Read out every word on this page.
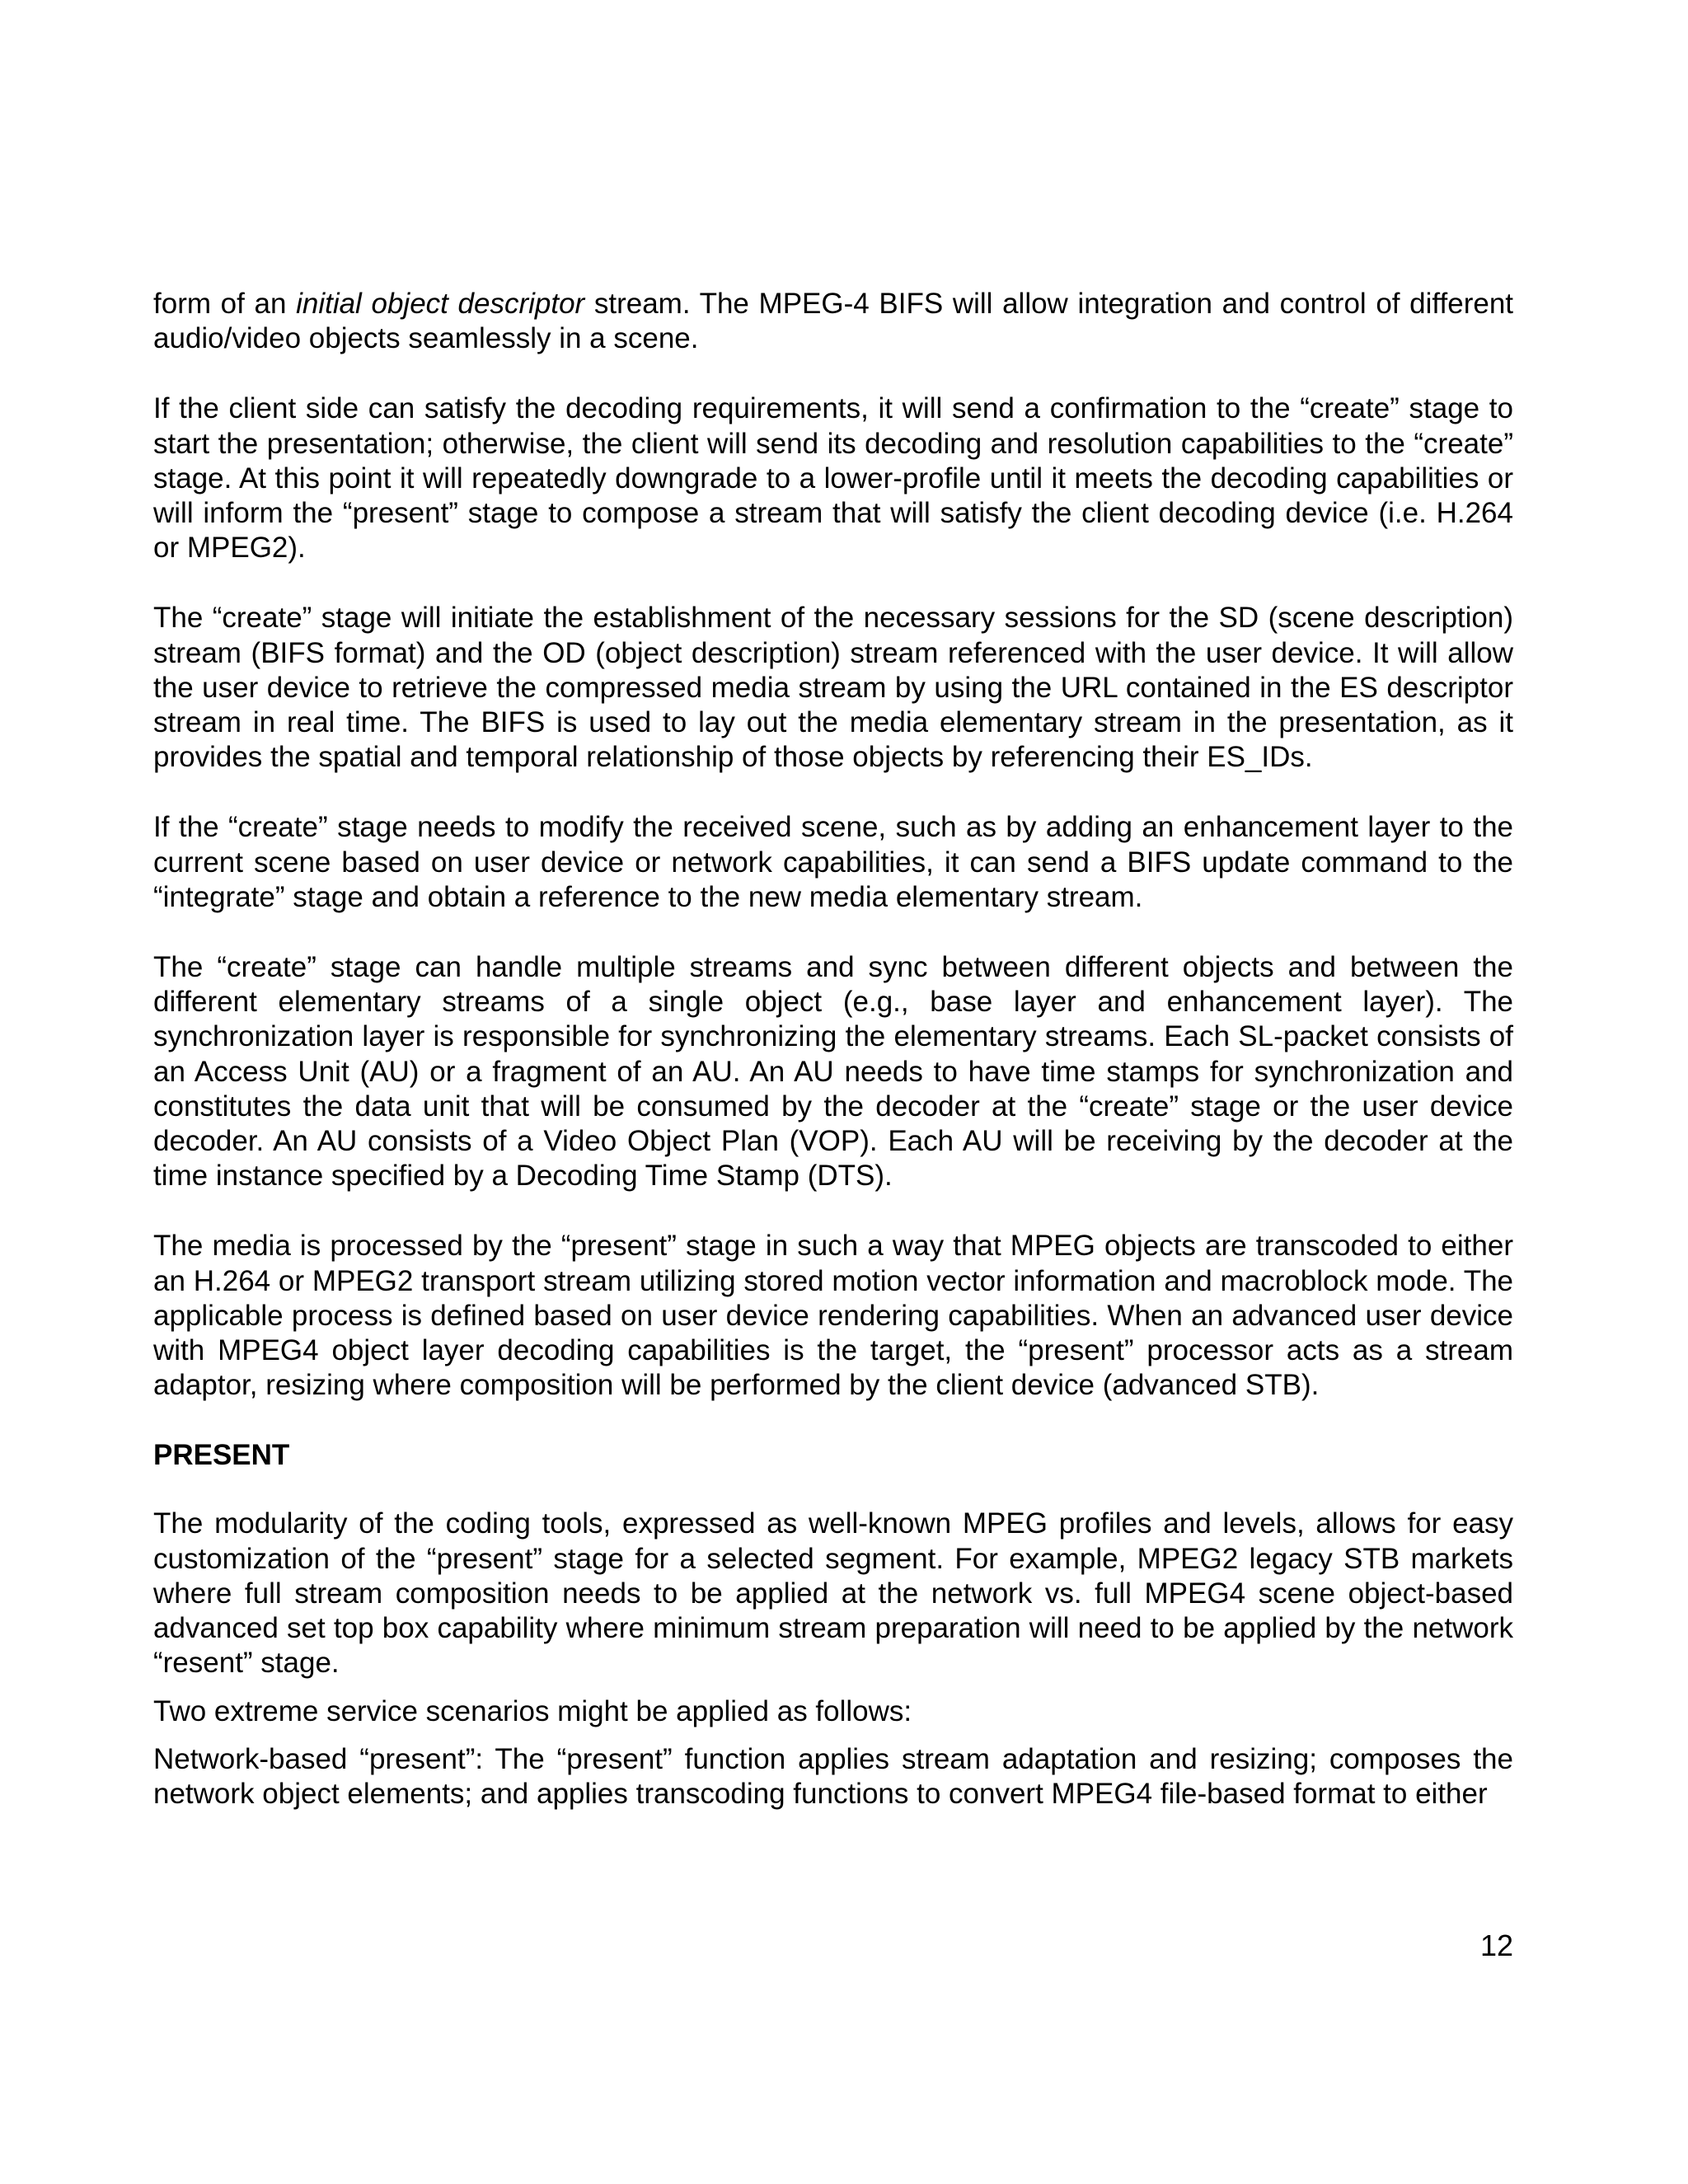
form of an initial object descriptor stream. The MPEG-4 BIFS will allow integration and control of different audio/video objects seamlessly in a scene.

If the client side can satisfy the decoding requirements, it will send a confirmation to the “create” stage to start the presentation; otherwise, the client will send its decoding and resolution capabilities to the “create” stage. At this point it will repeatedly downgrade to a lower-profile until it meets the decoding capabilities or will inform the “present” stage to compose a stream that will satisfy the client decoding device (i.e. H.264 or MPEG2).

The “create” stage will initiate the establishment of the necessary sessions for the SD (scene description) stream (BIFS format) and the OD (object description) stream referenced with the user device. It will allow the user device to retrieve the compressed media stream by using the URL contained in the ES descriptor stream in real time. The BIFS is used to lay out the media elementary stream in the presentation, as it provides the spatial and temporal relationship of those objects by referencing their ES_IDs.

If the “create” stage needs to modify the received scene, such as by adding an enhancement layer to the current scene based on user device or network capabilities, it can send a BIFS update command to the “integrate” stage and obtain a reference to the new media elementary stream.

The “create” stage can handle multiple streams and sync between different objects and between the different elementary streams of a single object (e.g., base layer and enhancement layer). The synchronization layer is responsible for synchronizing the elementary streams. Each SL-packet consists of an Access Unit (AU) or a fragment of an AU. An AU needs to have time stamps for synchronization and constitutes the data unit that will be consumed by the decoder at the “create” stage or the user device decoder. An AU consists of a Video Object Plan (VOP). Each AU will be receiving by the decoder at the time instance specified by a Decoding Time Stamp (DTS).

The media is processed by the “present” stage in such a way that MPEG objects are transcoded to either an H.264 or MPEG2 transport stream utilizing stored motion vector information and macroblock mode. The applicable process is defined based on user device rendering capabilities. When an advanced user device with MPEG4 object layer decoding capabilities is the target, the “present” processor acts as a stream adaptor, resizing where composition will be performed by the client device (advanced STB).

PRESENT

The modularity of the coding tools, expressed as well-known MPEG profiles and levels, allows for easy customization of the “present” stage for a selected segment. For example, MPEG2 legacy STB markets where full stream composition needs to be applied at the network vs. full MPEG4 scene object-based advanced set top box capability where minimum stream preparation will need to be applied by the network “resent” stage.

Two extreme service scenarios might be applied as follows:

Network-based “present”: The “present” function applies stream adaptation and resizing; composes the network object elements; and applies transcoding functions to convert MPEG4 file-based format to either

12
